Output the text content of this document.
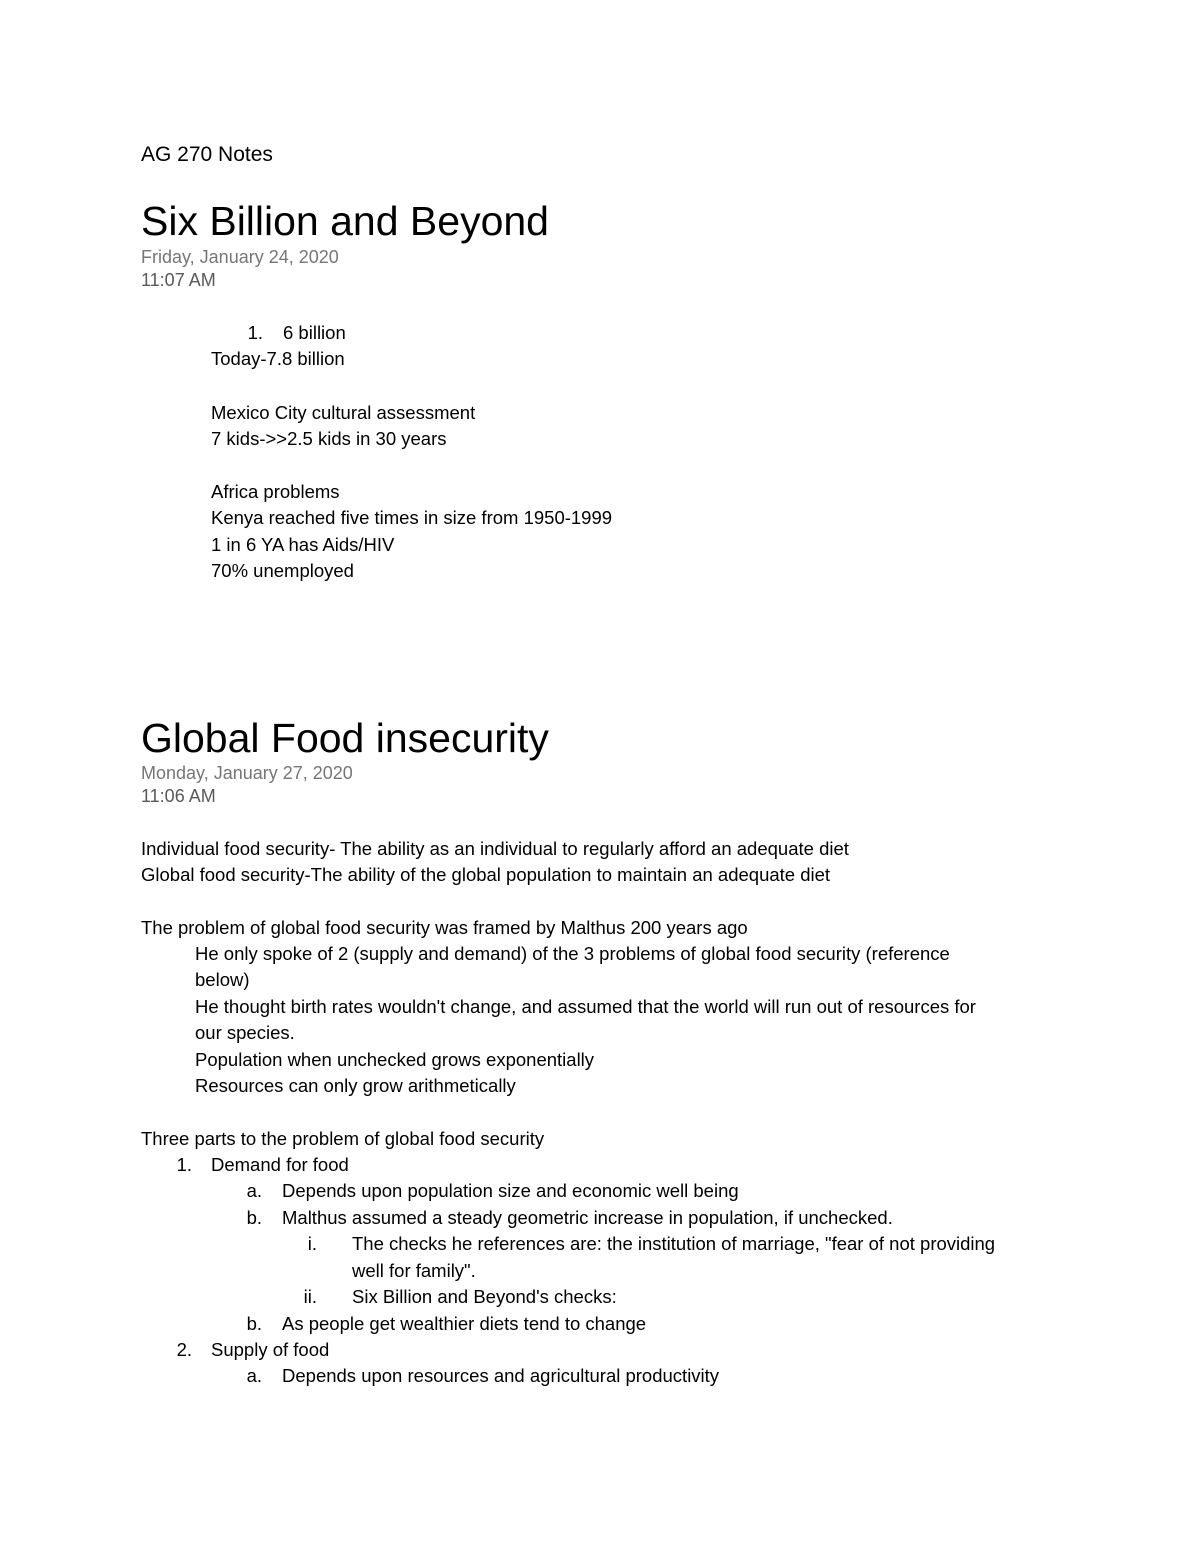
AG 270 Notes
Six Billion and Beyond
Friday, January 24, 2020
11:07 AM
1. 6 billion
Today-7.8 billion
Mexico City cultural assessment
7 kids->>2.5 kids in 30 years
Africa problems
Kenya reached five times in size from 1950-1999
1 in 6 YA has Aids/HIV
70% unemployed
Global Food insecurity
Monday, January 27, 2020
11:06 AM
Individual food security- The ability as an individual to regularly afford an adequate diet
Global food security-The ability of the global population to maintain an adequate diet
The problem of global food security was framed by Malthus 200 years ago
He only spoke of 2 (supply and demand) of the 3 problems of global food security (reference
below)
He thought birth rates wouldn't change, and assumed that the world will run out of resources for
our species.
Population when unchecked grows exponentially
Resources can only grow arithmetically
Three parts to the problem of global food security
1. Demand for food
a. Depends upon population size and economic well being
b. Malthus assumed a steady geometric increase in population, if unchecked.
i. The checks he references are: the institution of marriage, "fear of not providing
well for family".
ii. Six Billion and Beyond's checks:
b. As people get wealthier diets tend to change
2. Supply of food
a. Depends upon resources and agricultural productivity
